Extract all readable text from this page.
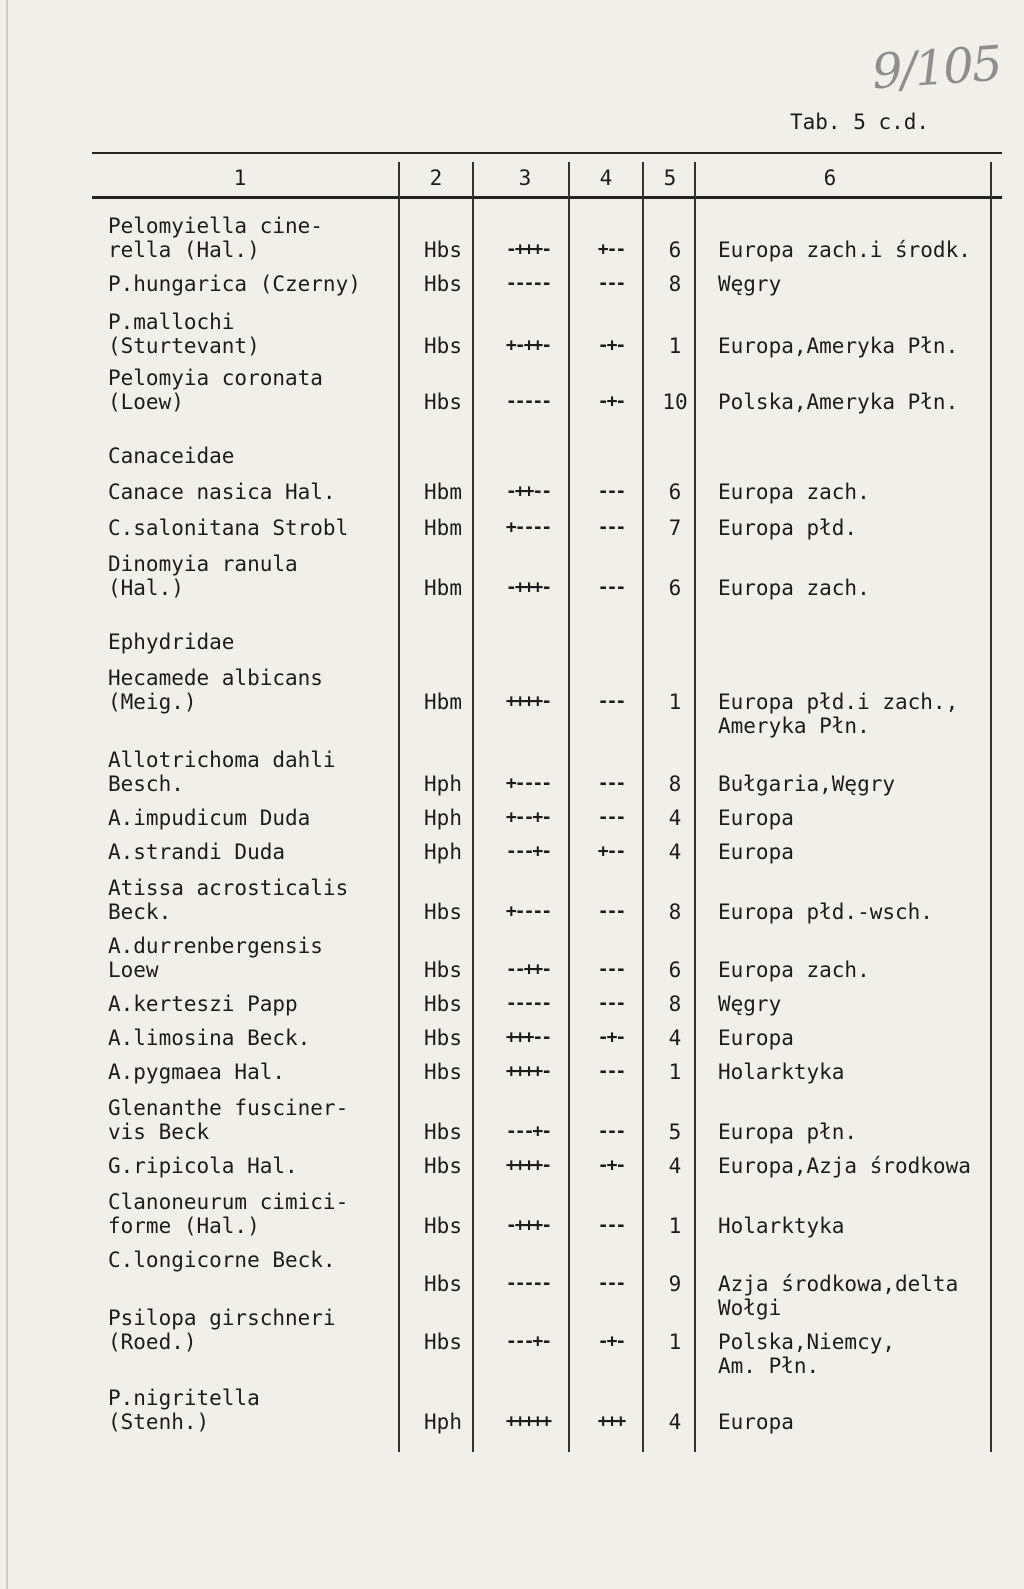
9/105
Tab. 5 c.d.
1	2	3	4	5	6
Pelomyiella cine-
rella (Hal.)	Hbs	-+++-	+--	6	Europa zach.i środk.
P.hungarica (Czerny)	Hbs	-----	---	8	Węgry
P.mallochi
(Sturtevant)	Hbs	+-++-	-+-	1	Europa,Ameryka Płn.
Pelomyia coronata
(Loew)	Hbs	-----	-+-	10	Polska,Ameryka Płn.
Canaceidae
Canace nasica Hal.	Hbm	-++--	---	6	Europa zach.
C.salonitana Strobl	Hbm	+----	---	7	Europa płd.
Dinomyia ranula
(Hal.)	Hbm	-+++-	---	6	Europa zach.
Ephydridae
Hecamede albicans
(Meig.)	Hbm	++++-	---	1	Europa płd.i zach.,
Ameryka Płn.
Allotrichoma dahli
Besch.	Hph	+----	---	8	Bułgaria,Węgry
A.impudicum Duda	Hph	+--+-	---	4	Europa
A.strandi Duda	Hph	---+-	+--	4	Europa
Atissa acrosticalis
Beck.	Hbs	+----	---	8	Europa płd.-wsch.
A.durrenbergensis
Loew	Hbs	--++-	---	6	Europa zach.
A.kerteszi Papp	Hbs	-----	---	8	Węgry
A.limosina Beck.	Hbs	+++--	-+-	4	Europa
A.pygmaea Hal.	Hbs	++++-	---	1	Holarktyka
Glenanthe fusciner-
vis Beck	Hbs	---+-	---	5	Europa płn.
G.ripicola Hal.	Hbs	++++-	-+-	4	Europa,Azja środkowa
Clanoneurum cimici-
forme (Hal.)	Hbs	-+++-	---	1	Holarktyka
C.longicorne Beck.
Hbs	-----	---	9	Azja środkowa,delta
Wołgi
Psilopa girschneri
(Roed.)	Hbs	---+-	-+-	1	Polska,Niemcy,
Am. Płn.
P.nigritella
(Stenh.)	Hph	+++++	+++	4	Europa
